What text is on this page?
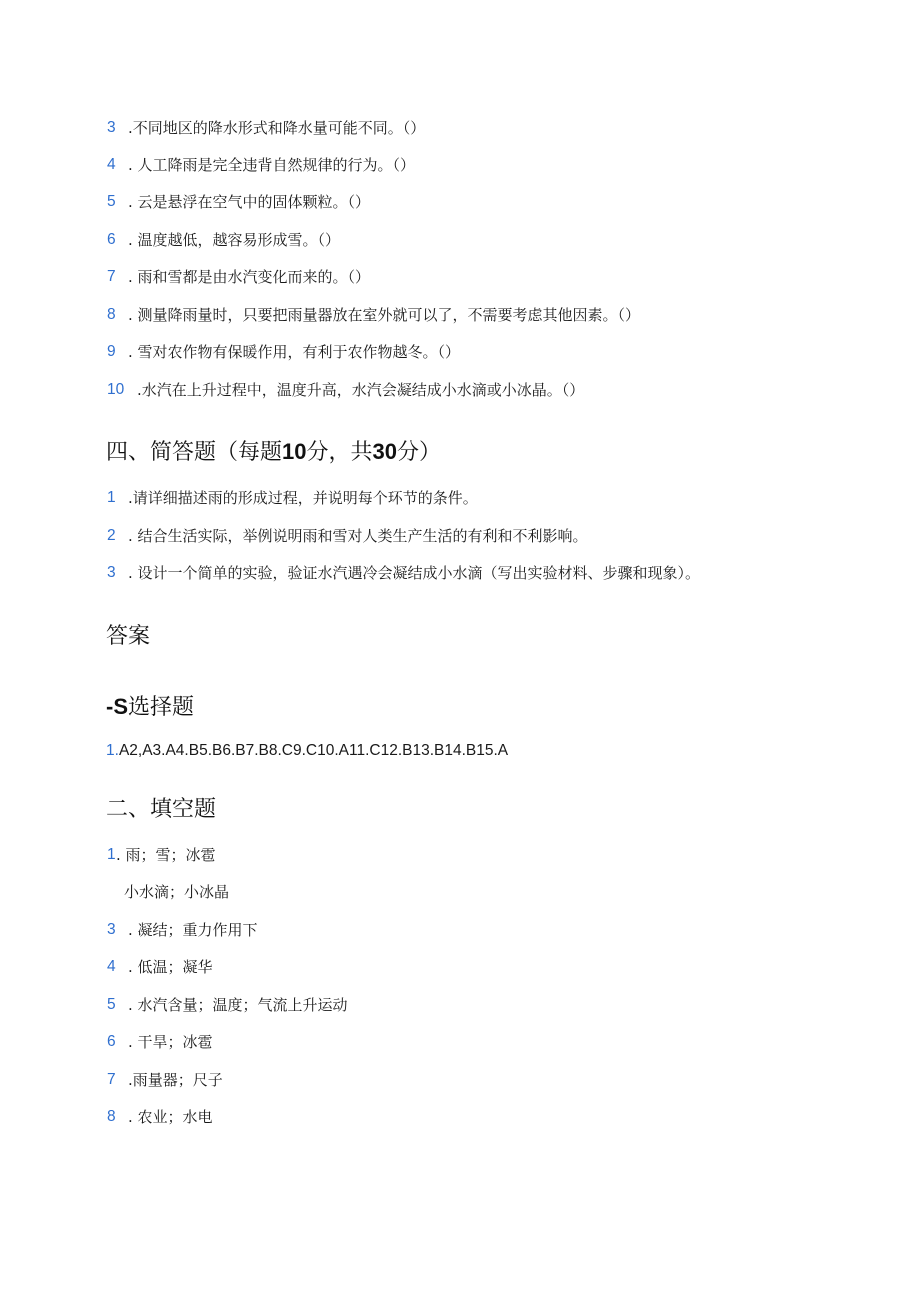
3 .不同地区的降水形式和降水量可能不同。（）
4 . 人工降雨是完全违背自然规律的行为。（）
5 . 云是悬浮在空气中的固体颗粒。（）
6 . 温度越低，越容易形成雪。（）
7 . 雨和雪都是由水汽变化而来的。（）
8 . 测量降雨量时，只要把雨量器放在室外就可以了，不需要考虑其他因素。（）
9 . 雪对农作物有保暖作用，有利于农作物越冬。（）
10 .水汽在上升过程中，温度升高，水汽会凝结成小水滴或小冰晶。（）
四、简答题（每题10分，共30分）
1 .请详细描述雨的形成过程，并说明每个环节的条件。
2 . 结合生活实际，举例说明雨和雪对人类生产生活的有利和不利影响。
3 . 设计一个简单的实验，验证水汽遇冷会凝结成小水滴（写出实验材料、步骤和现象）。
答案
-S选择题
1.A2,A3.A4.B5.B6.B7.B8.C9.C10.A11.C12.B13.B14.B15.A
二、填空题
1 . 雨；雪；冰雹
小水滴；小冰晶
3 . 凝结；重力作用下
4 . 低温；凝华
5 . 水汽含量；温度；气流上升运动
6 . 干旱；冰雹
7 .雨量器；尺子
8 . 农业；水电
